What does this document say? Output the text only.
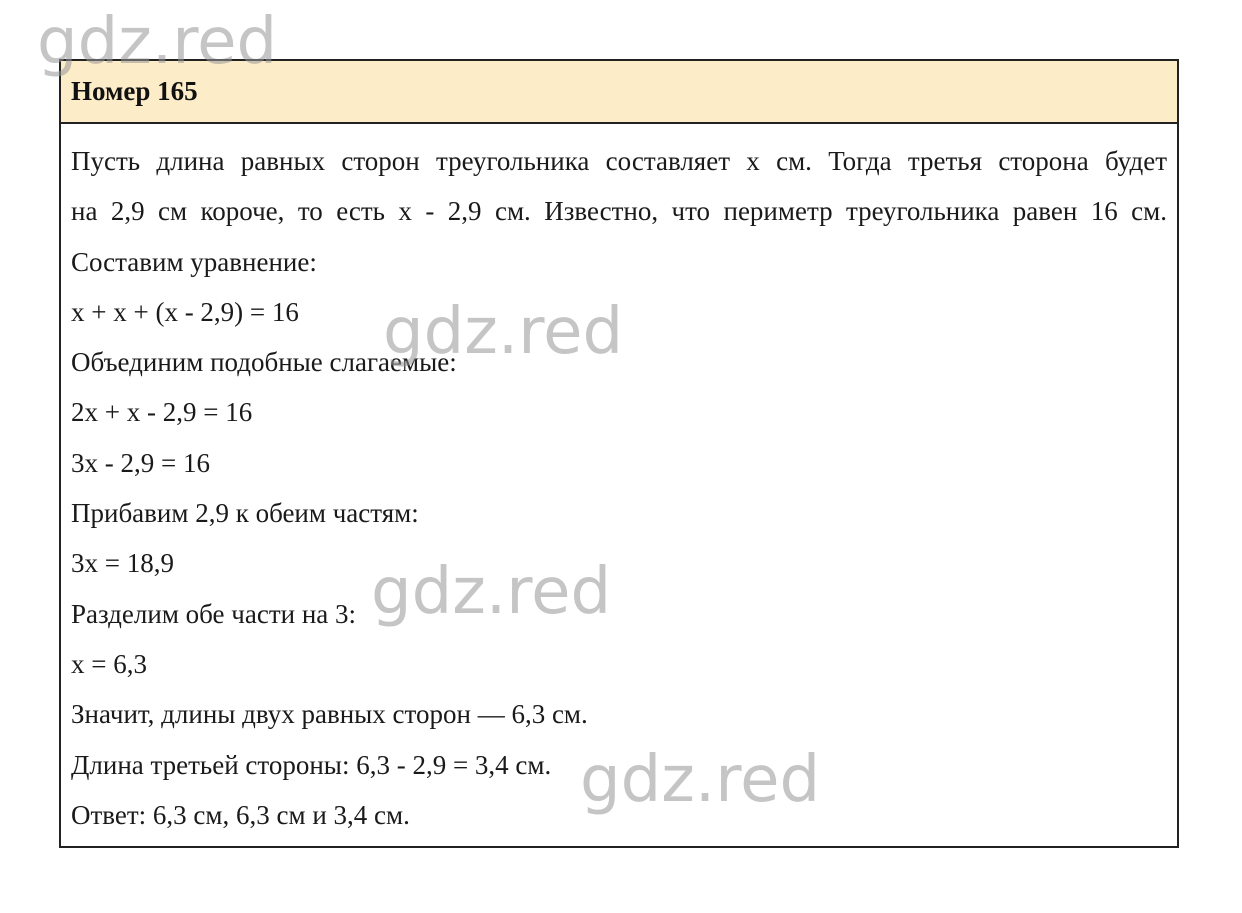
Номер 165
Пусть длина равных сторон треугольника составляет x см. Тогда третья сторона будет
на 2,9 см короче, то есть x - 2,9 см. Известно, что периметр треугольника равен 16 см.
Составим уравнение:
x + x + (x - 2,9) = 16
Объединим подобные слагаемые:
2x + x - 2,9 = 16
3x - 2,9 = 16
Прибавим 2,9 к обеим частям:
3x = 18,9
Разделим обе части на 3:
x = 6,3
Значит, длины двух равных сторон — 6,3 см.
Длина третьей стороны: 6,3 - 2,9 = 3,4 см.
Ответ: 6,3 см, 6,3 см и 3,4 см.
gdz.red
gdz.red
gdz.red
gdz.red
